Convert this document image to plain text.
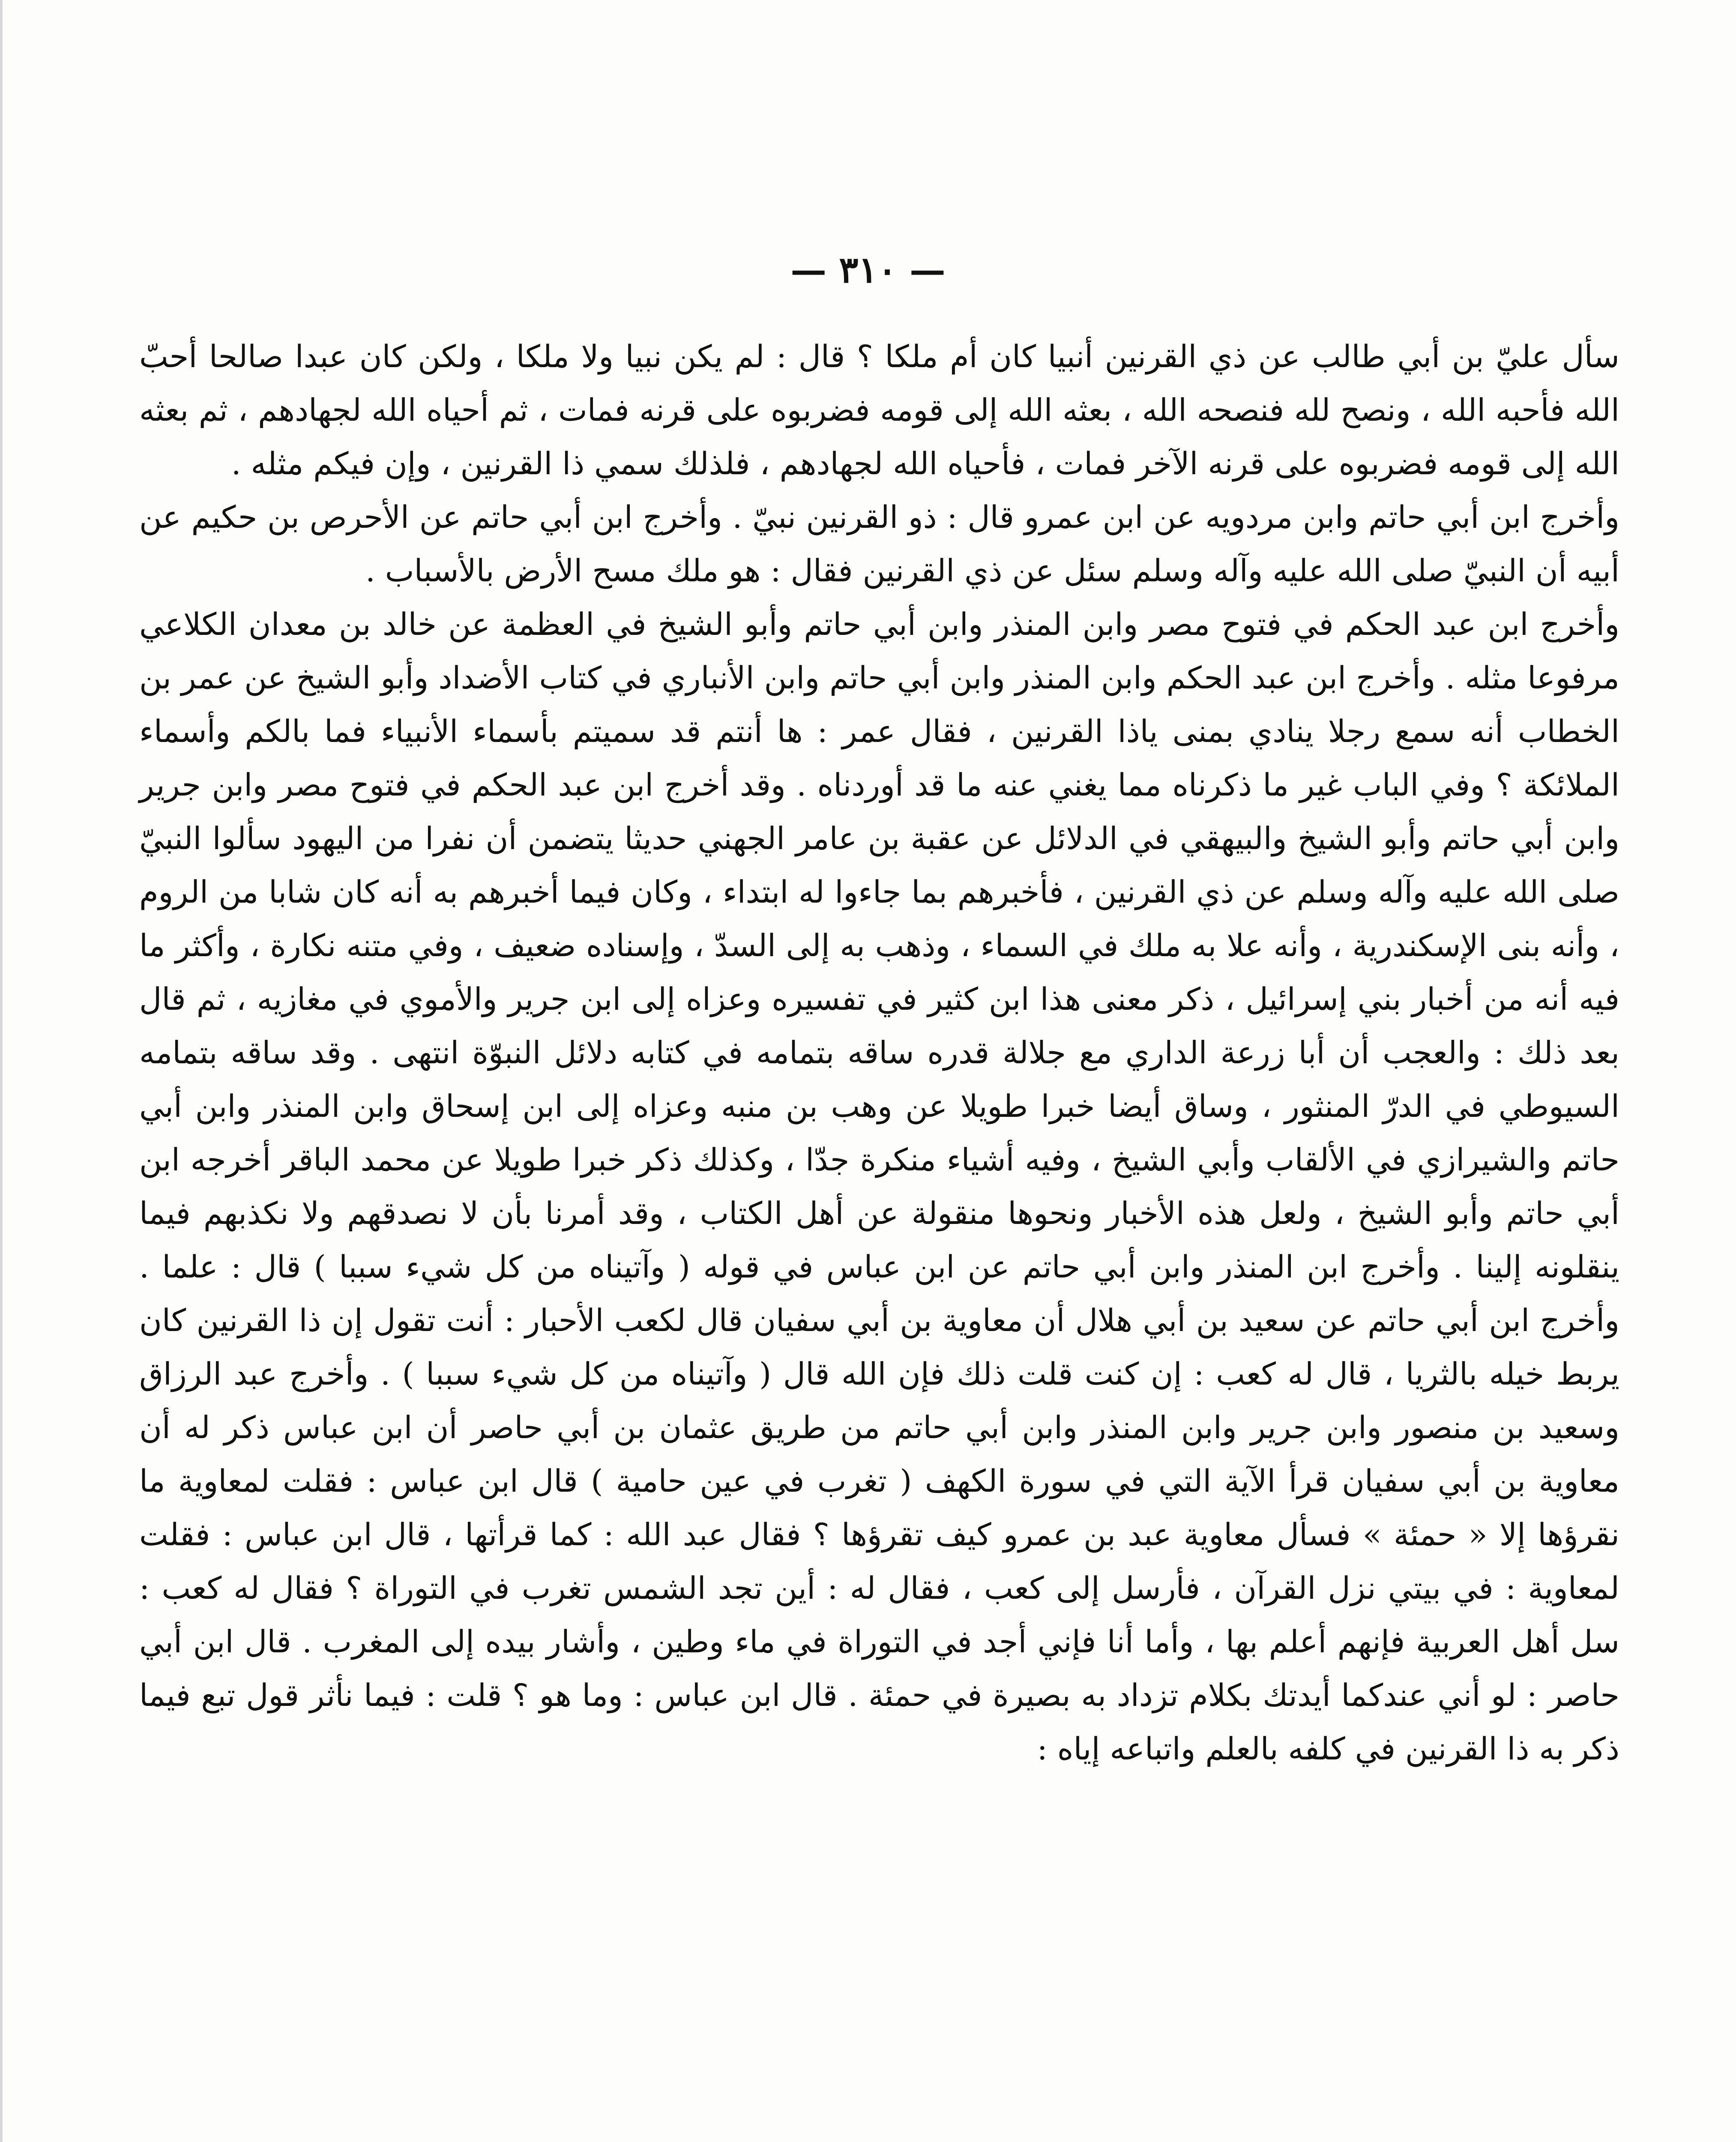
— ٣١٠ —

سأل عليّ بن أبي طالب عن ذي القرنين أنبيا كان أم ملكا ؟ قال : لم يكن نبيا ولا ملكا ، ولكن كان عبدا صالحا أحبّ الله فأحبه الله ، ونصح لله فنصحه الله ، بعثه الله إلى قومه فضربوه على قرنه فمات ، ثم أحياه الله لجهادهم ، ثم بعثه الله إلى قومه فضربوه على قرنه الآخر فمات ، فأحياه الله لجهادهم ، فلذلك سمي ذا القرنين ، وإن فيكم مثله .

وأخرج ابن أبي حاتم وابن مردويه عن ابن عمرو قال : ذو القرنين نبيّ . وأخرج ابن أبي حاتم عن الأحرص بن حكيم عن أبيه أن النبيّ صلى الله عليه وآله وسلم سئل عن ذي القرنين فقال : هو ملك مسح الأرض بالأسباب .

وأخرج ابن عبد الحكم في فتوح مصر وابن المنذر وابن أبي حاتم وأبو الشيخ في العظمة عن خالد بن معدان الكلاعي مرفوعا مثله . وأخرج ابن عبد الحكم وابن المنذر وابن أبي حاتم وابن الأنباري في كتاب الأضداد وأبو الشيخ عن عمر بن الخطاب أنه سمع رجلا ينادي بمنى ياذا القرنين ، فقال عمر : ها أنتم قد سميتم بأسماء الأنبياء فما بالكم وأسماء الملائكة ؟ وفي الباب غير ما ذكرناه مما يغني عنه ما قد أوردناه . وقد أخرج ابن عبد الحكم في فتوح مصر وابن جرير وابن أبي حاتم وأبو الشيخ والبيهقي في الدلائل عن عقبة بن عامر الجهني حديثا يتضمن أن نفرا من اليهود سألوا النبيّ صلى الله عليه وآله وسلم عن ذي القرنين ، فأخبرهم بما جاءوا له ابتداء ، وكان فيما أخبرهم به أنه كان شابا من الروم ، وأنه بنى الإسكندرية ، وأنه علا به ملك في السماء ، وذهب به إلى السدّ ، وإسناده ضعيف ، وفي متنه نكارة ، وأكثر ما فيه أنه من أخبار بني إسرائيل ، ذكر معنى هذا ابن كثير في تفسيره وعزاه إلى ابن جرير والأموي في مغازيه ، ثم قال بعد ذلك : والعجب أن أبا زرعة الداري مع جلالة قدره ساقه بتمامه في كتابه دلائل النبوّة انتهى . وقد ساقه بتمامه السيوطي في الدرّ المنثور ، وساق أيضا خبرا طويلا عن وهب بن منبه وعزاه إلى ابن إسحاق وابن المنذر وابن أبي حاتم والشيرازي في الألقاب وأبي الشيخ ، وفيه أشياء منكرة جدّا ، وكذلك ذكر خبرا طويلا عن محمد الباقر أخرجه ابن أبي حاتم وأبو الشيخ ، ولعل هذه الأخبار ونحوها منقولة عن أهل الكتاب ، وقد أمرنا بأن لا نصدقهم ولا نكذبهم فيما ينقلونه إلينا . وأخرج ابن المنذر وابن أبي حاتم عن ابن عباس في قوله ( وآتيناه من كل شيء سببا ) قال : علما . وأخرج ابن أبي حاتم عن سعيد بن أبي هلال أن معاوية بن أبي سفيان قال لكعب الأحبار : أنت تقول إن ذا القرنين كان يربط خيله بالثريا ، قال له كعب : إن كنت قلت ذلك فإن الله قال ( وآتيناه من كل شيء سببا ) . وأخرج عبد الرزاق وسعيد بن منصور وابن جرير وابن المنذر وابن أبي حاتم من طريق عثمان بن أبي حاصر أن ابن عباس ذكر له أن معاوية بن أبي سفيان قرأ الآية التي في سورة الكهف ( تغرب في عين حامية ) قال ابن عباس : فقلت لمعاوية ما نقرؤها إلا « حمئة » فسأل معاوية عبد بن عمرو كيف تقرؤها ؟ فقال عبد الله : كما قرأتها ، قال ابن عباس : فقلت لمعاوية : في بيتي نزل القرآن ، فأرسل إلى كعب ، فقال له : أين تجد الشمس تغرب في التوراة ؟ فقال له كعب : سل أهل العربية فإنهم أعلم بها ، وأما أنا فإني أجد في التوراة في ماء وطين ، وأشار بيده إلى المغرب . قال ابن أبي حاصر : لو أني عندكما أيدتك بكلام تزداد به بصيرة في حمئة . قال ابن عباس : وما هو ؟ قلت : فيما نأثر قول تبع فيما ذكر به ذا القرنين في كلفه بالعلم واتباعه إياه :
